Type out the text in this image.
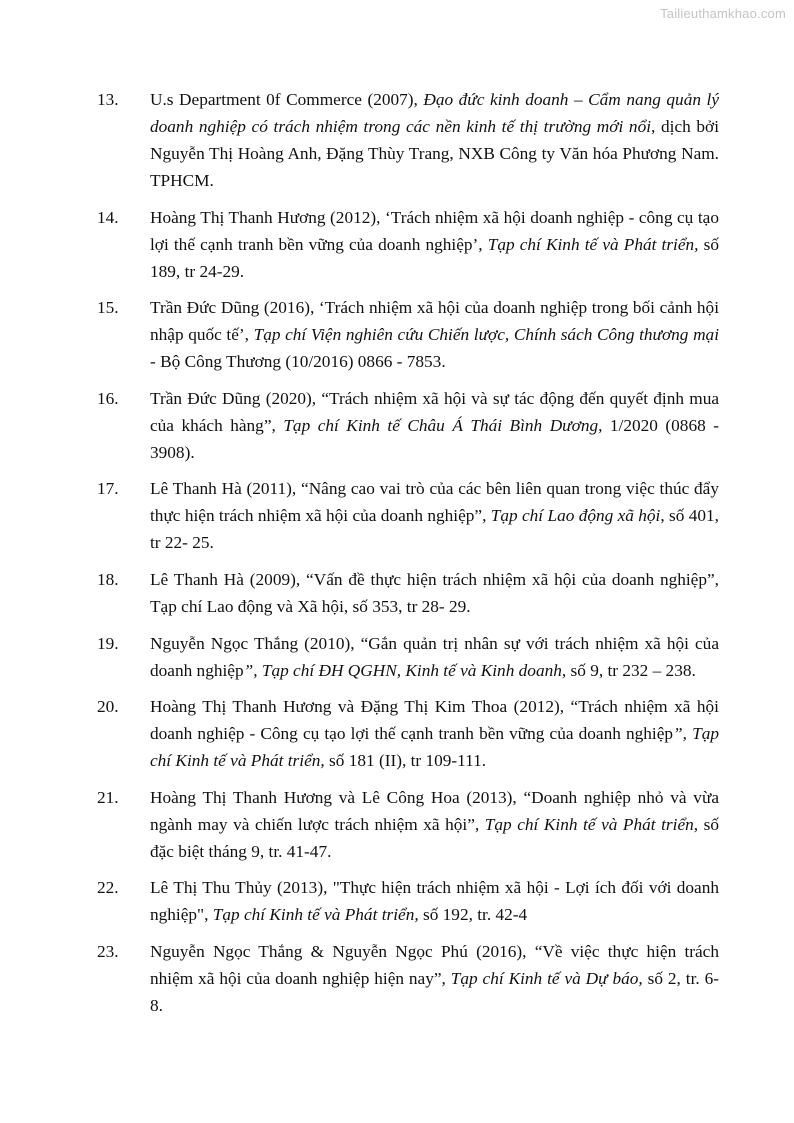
Tailieuthamkhao.com
13.	U.s Department 0f Commerce (2007), Đạo đức kinh doanh – Cẩm nang quản lý doanh nghiệp có trách nhiệm trong các nền kinh tế thị trường mới nổi, dịch bởi Nguyễn Thị Hoàng Anh, Đặng Thùy Trang, NXB Công ty Văn hóa Phương Nam. TPHCM.
14.	Hoàng Thị Thanh Hương (2012), ‘Trách nhiệm xã hội doanh nghiệp - công cụ tạo lợi thế cạnh tranh bền vững của doanh nghiệp’, Tạp chí Kinh tế và Phát triển, số 189, tr 24-29.
15.	Trần Đức Dũng (2016), ‘Trách nhiệm xã hội của doanh nghiệp trong bối cảnh hội nhập quốc tế’, Tạp chí Viện nghiên cứu Chiến lược, Chính sách Công thương mại - Bộ Công Thương (10/2016) 0866 - 7853.
16.	Trần Đức Dũng (2020), “Trách nhiệm xã hội và sự tác động đến quyết định mua của khách hàng”, Tạp chí Kinh tế Châu Á Thái Bình Dương, 1/2020 (0868 - 3908).
17.	Lê Thanh Hà (2011), “Nâng cao vai trò của các bên liên quan trong việc thúc đẩy thực hiện trách nhiệm xã hội của doanh nghiệp”, Tạp chí Lao động xã hội, số 401, tr 22- 25.
18.	Lê Thanh Hà (2009), “Vấn đề thực hiện trách nhiệm xã hội của doanh nghiệp”, Tạp chí Lao động và Xã hội, số 353, tr 28- 29.
19.	Nguyễn Ngọc Thắng (2010), “Gắn quản trị nhân sự với trách nhiệm xã hội của doanh nghiệp”, Tạp chí ĐH QGHN, Kinh tế và Kinh doanh, số 9, tr 232 – 238.
20.	Hoàng Thị Thanh Hương và Đặng Thị Kim Thoa (2012), “Trách nhiệm xã hội doanh nghiệp - Công cụ tạo lợi thế cạnh tranh bền vững của doanh nghiệp”, Tạp chí Kinh tế và Phát triển, số 181 (II), tr 109-111.
21.	Hoàng Thị Thanh Hương và Lê Công Hoa (2013), “Doanh nghiệp nhỏ và vừa ngành may và chiến lược trách nhiệm xã hội”, Tạp chí Kinh tế và Phát triển, số đặc biệt tháng 9, tr. 41-47.
22.	Lê Thị Thu Thủy (2013), "Thực hiện trách nhiệm xã hội - Lợi ích đối với doanh nghiệp", Tạp chí Kinh tế và Phát triển, số 192, tr. 42-4
23.	Nguyễn Ngọc Thắng & Nguyễn Ngọc Phú (2016), “Về việc thực hiện trách nhiệm xã hội của doanh nghiệp hiện nay”, Tạp chí Kinh tế và Dự báo, số 2, tr. 6-8.
